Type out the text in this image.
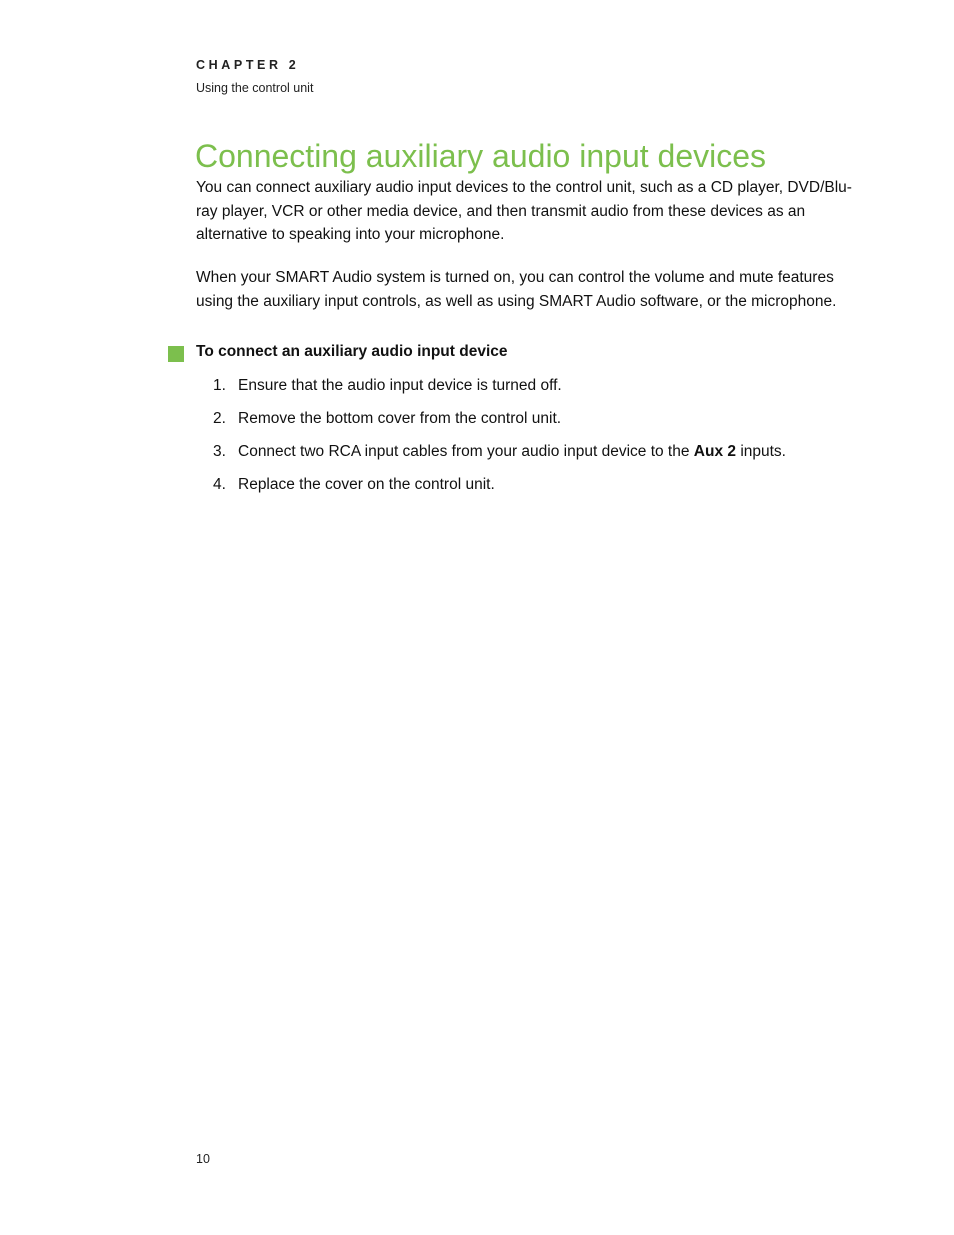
CHAPTER 2
Using the control unit
Connecting auxiliary audio input devices

You can connect auxiliary audio input devices to the control unit, such as a CD player, DVD/Blu-ray player, VCR or other media device, and then transmit audio from these devices as an alternative to speaking into your microphone.

When your SMART Audio system is turned on, you can control the volume and mute features using the auxiliary input controls, as well as using SMART Audio software, or the microphone.

To connect an auxiliary audio input device
1. Ensure that the audio input device is turned off.
2. Remove the bottom cover from the control unit.
3. Connect two RCA input cables from your audio input device to the Aux 2 inputs.
4. Replace the cover on the control unit.
10
